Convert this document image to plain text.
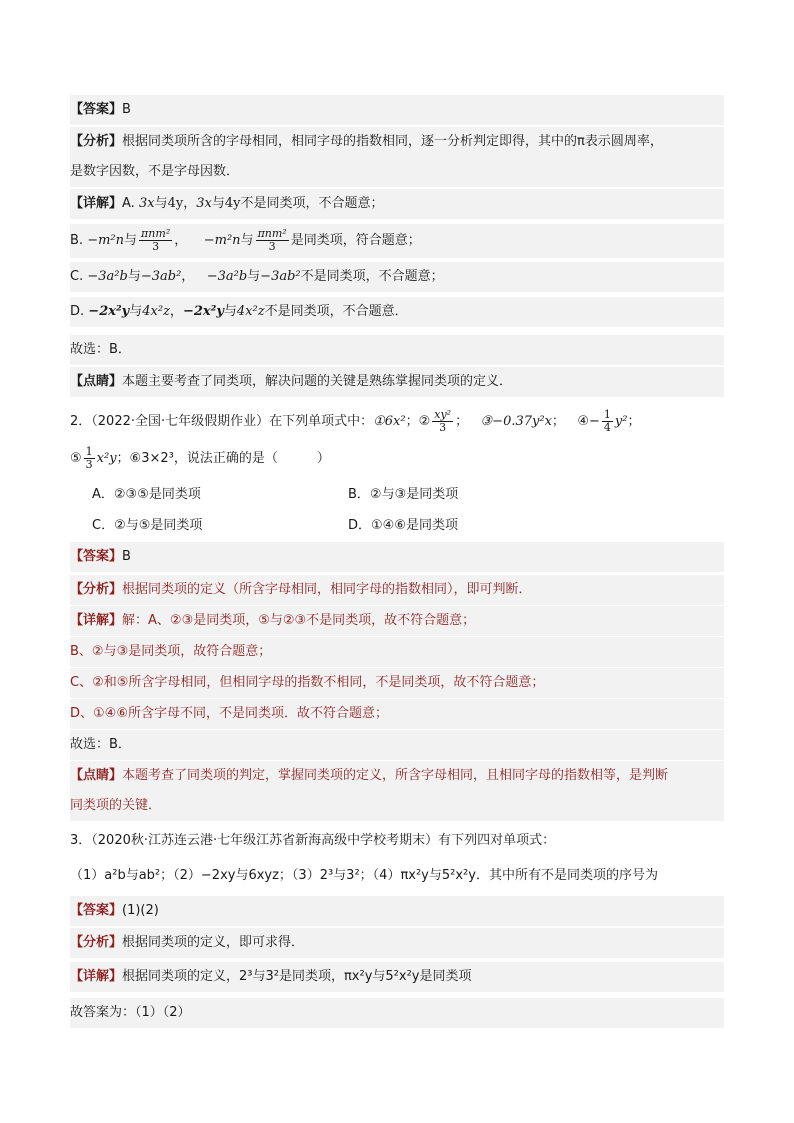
【答案】B
【分析】根据同类项所含的字母相同，相同字母的指数相同，逐一分析判定即得，其中的π表示圆周率，
是数字因数，不是字母因数．
【详解】A. 3x与4y，3x与4y不是同类项，不合题意；
B. −m²n与 $\frac{\text{πnm²}}{3}$ ， −m²n与 $\frac{\text{πnm²}}{3}$ 是同类项，符合题意；
C. −3a²b与−3ab²， −3a²b与−3ab²不是同类项，不合题意；
D. −2x²y与4x²z，−2x²y与4x²z不是同类项，不合题意．
故选：B．
【点睛】本题主要考查了同类项，解决问题的关键是熟练掌握同类项的定义．
2．（2022·全国·七年级假期作业）在下列单项式中：①6x²；② $\frac{\text{xy²}}{3}$ ； ③−0.37y²x； ④− $\frac{1}{4} y^2$；
⑤ $\frac{1}{3} x^2y$；⑥3×2³，说法正确的是（　　　）
A．②③⑤是同类项	B．②与③是同类项
C．②与⑤是同类项	D．①④⑥是同类项
【答案】B
【分析】根据同类项的定义（所含字母相同，相同字母的指数相同），即可判断．
【详解】解：A、②③是同类项，⑤与②③不是同类项，故不符合题意；
B、②与③是同类项，故符合题意；
C、②和⑤所含字母相同，但相同字母的指数不相同，不是同类项，故不符合题意；
D、①④⑥所含字母不同，不是同类项．故不符合题意；
故选：B．
【点睛】本题考查了同类项的判定，掌握同类项的定义，所含字母相同，且相同字母的指数相等，是判断
同类项的关键．
3．（2020秋·江苏连云港·七年级江苏省新海高级中学校考期末）有下列四对单项式：
（1）a²b与ab²；（2）−2xy与6xyz；（3）2³与3²；（4）πx²y与5²x²y．其中所有不是同类项的序号为
【答案】(1)(2)
【分析】根据同类项的定义，即可求得．
【详解】根据同类项的定义，2³与3²是同类项，πx²y与5²x²y是同类项
故答案为：（1）（2）
